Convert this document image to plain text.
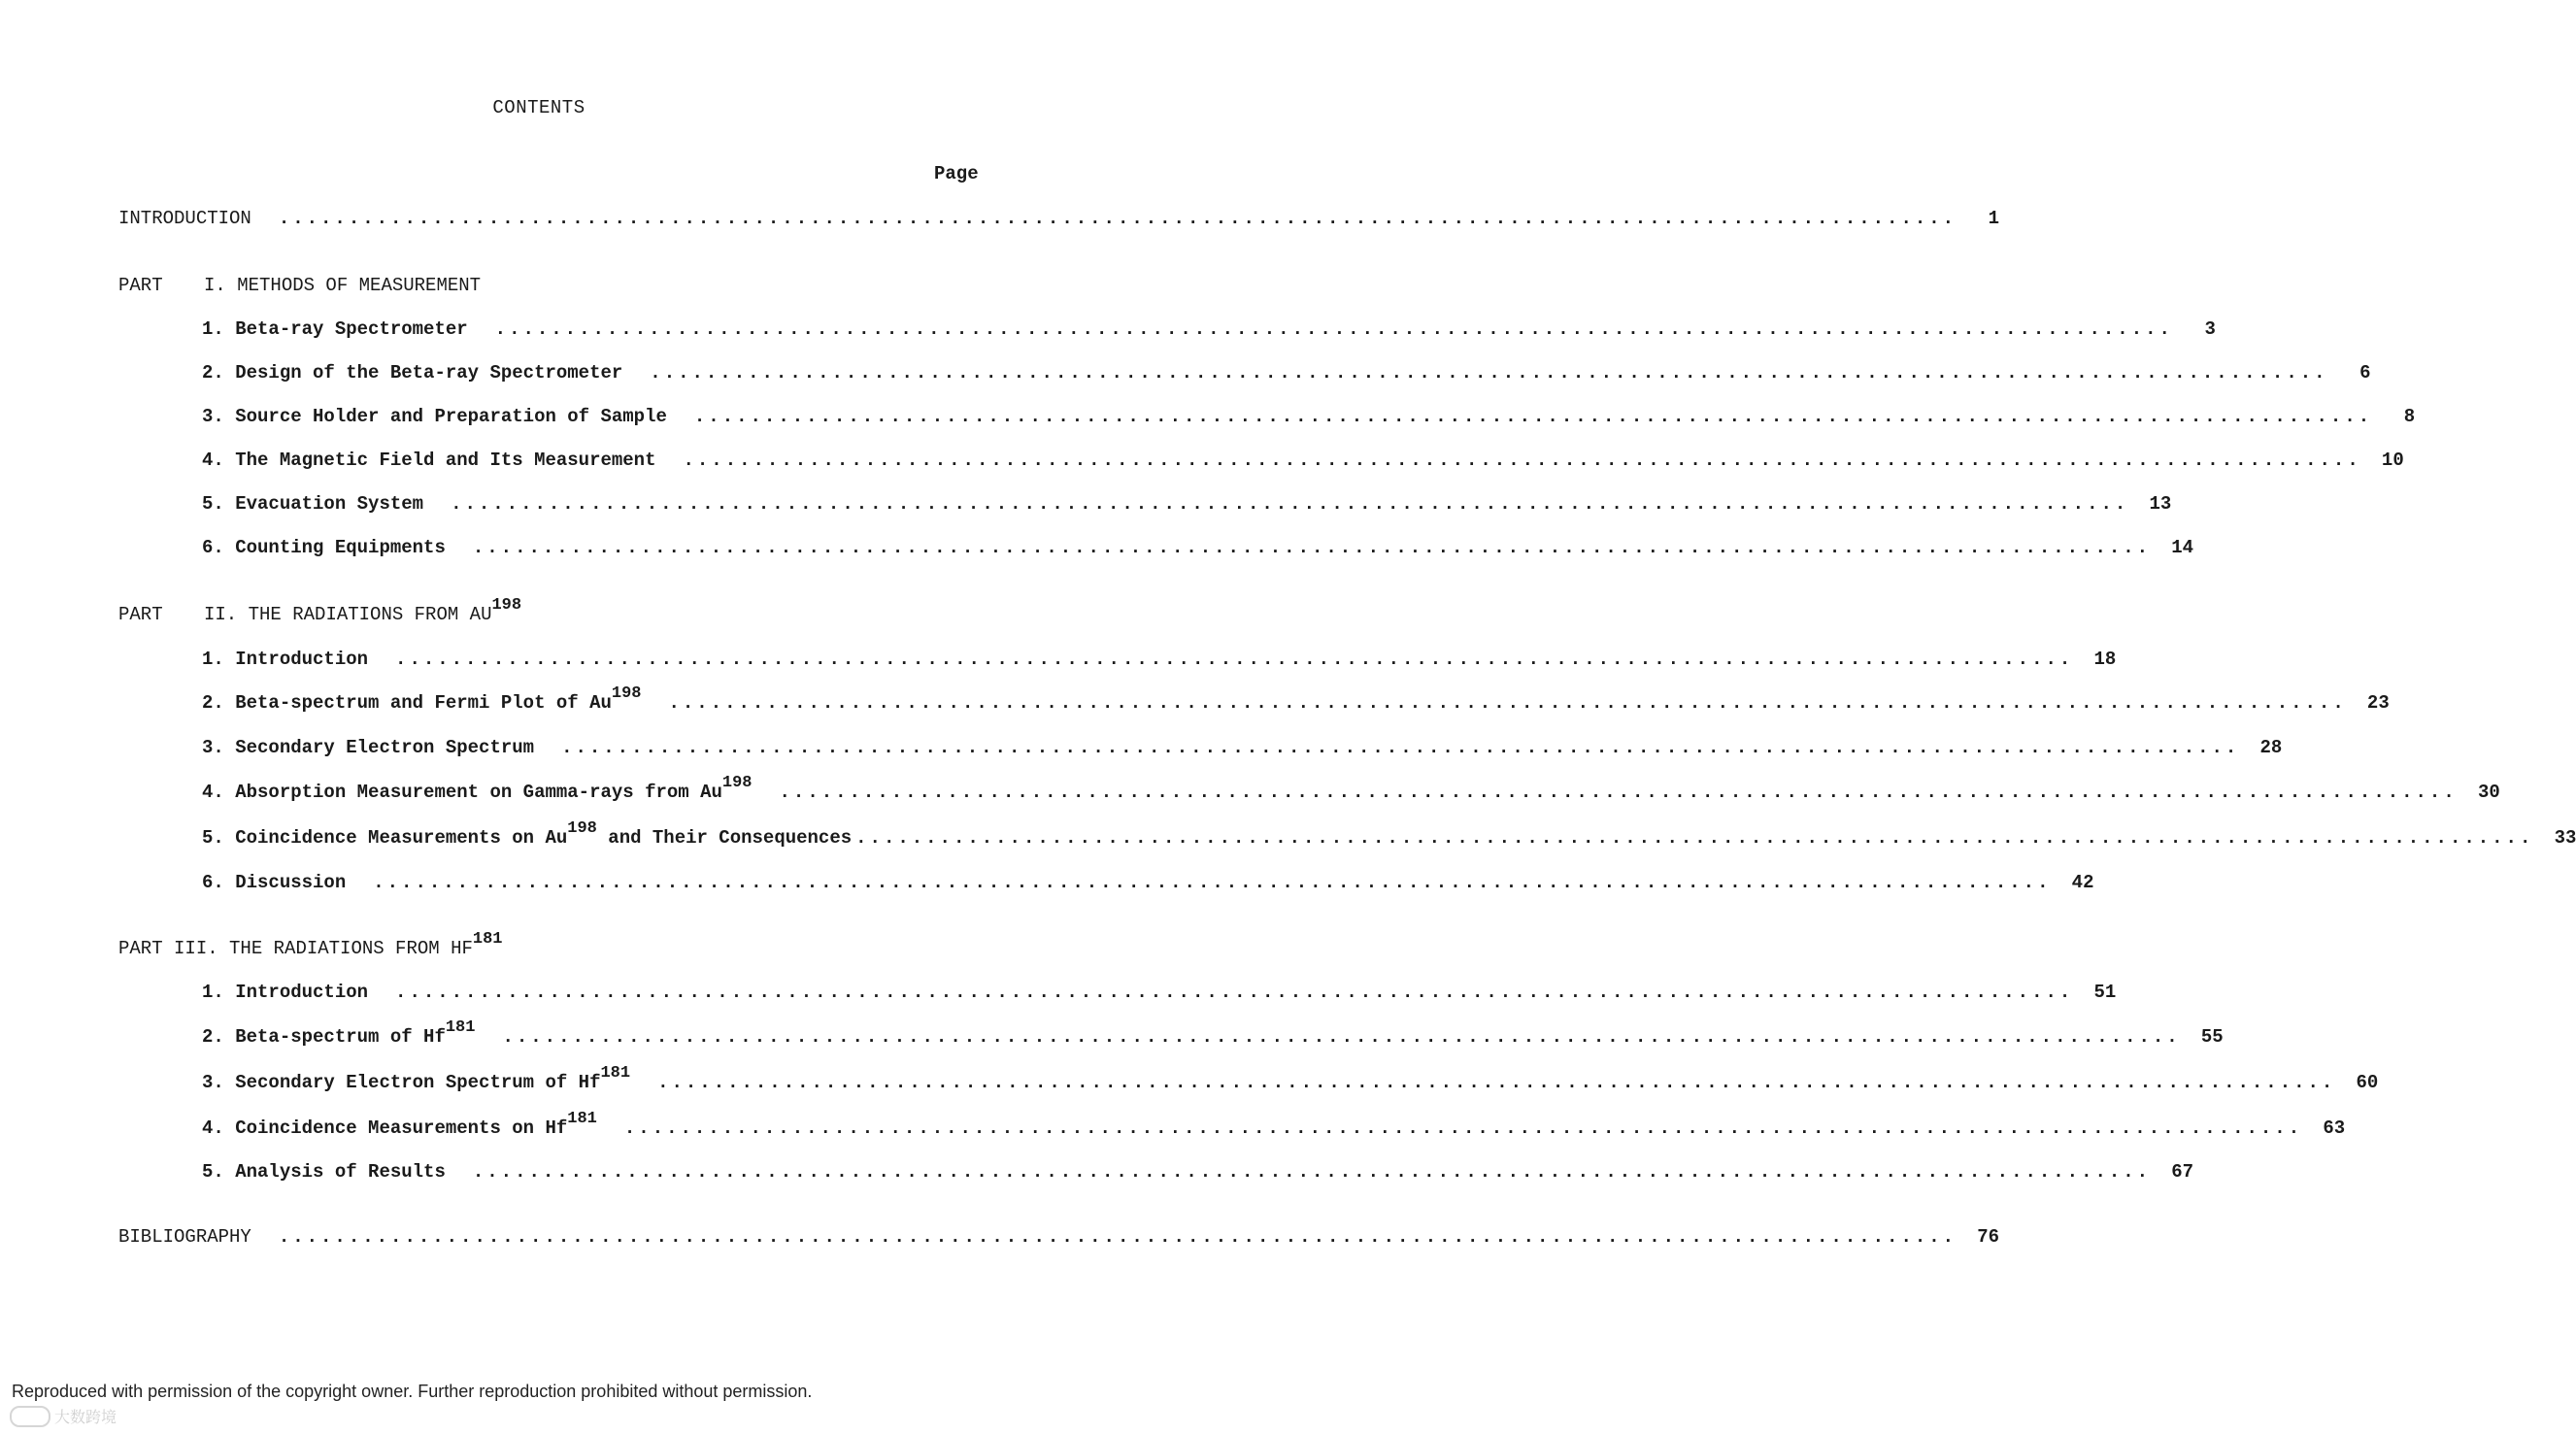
CONTENTS
Page
INTRODUCTION ........................................................................................................................	1
PART I. METHODS OF MEASUREMENT
1. Beta-ray Spectrometer ........................................................................................................................	3
2. Design of the Beta-ray Spectrometer ........................................................................................................................	6
3. Source Holder and Preparation of Sample ........................................................................................................................	8
4. The Magnetic Field and Its Measurement ........................................................................................................................	10
5. Evacuation System ........................................................................................................................	13
6. Counting Equipments ........................................................................................................................	14
PART II. THE RADIATIONS FROM AU$^{198}$
1. Introduction ........................................................................................................................	18
2. Beta-spectrum and Fermi Plot of Au$^{198}$ ........................................................................................................................	23
3. Secondary Electron Spectrum ........................................................................................................................	28
4. Absorption Measurement on Gamma-rays from Au$^{198}$ ........................................................................................................................	30
5. Coincidence Measurements on Au$^{198}$ and Their Consequences ........................................................................................................................	33
6. Discussion ........................................................................................................................	42
PART III. THE RADIATIONS FROM HF$^{181}$
1. Introduction ........................................................................................................................	51
2. Beta-spectrum of Hf$^{181}$ ........................................................................................................................	55
3. Secondary Electron Spectrum of Hf$^{181}$ ........................................................................................................................	60
4. Coincidence Measurements on Hf$^{181}$ ........................................................................................................................	63
5. Analysis of Results ........................................................................................................................	67
BIBLIOGRAPHY ........................................................................................................................	76
Reproduced with permission of the copyright owner. Further reproduction prohibited without permission.
大数跨境
